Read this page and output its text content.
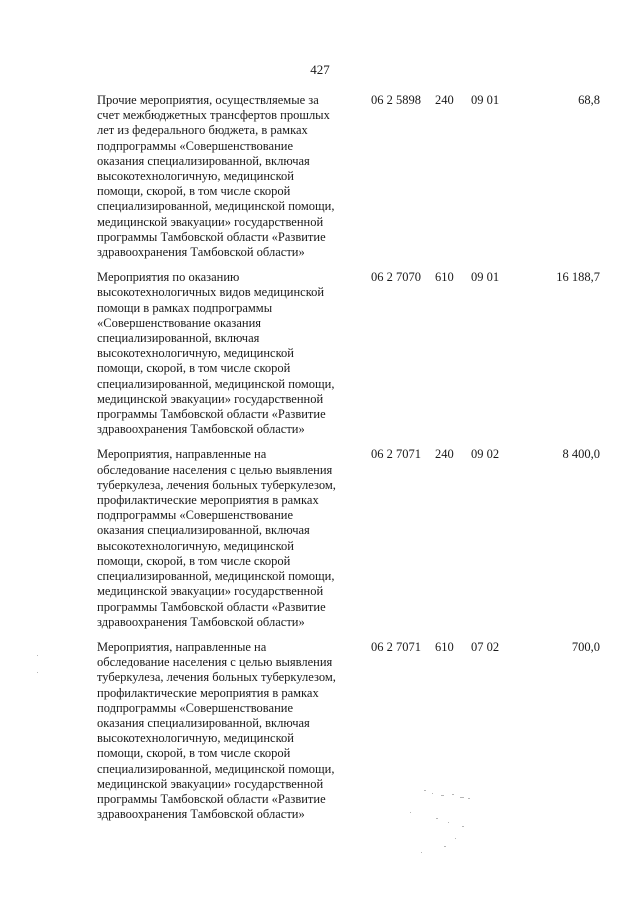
427
Прочие мероприятия, осуществляемые за
счет межбюджетных трансфертов прошлых
лет из федерального бюджета, в рамках
подпрограммы «Совершенствование
оказания специализированной, включая
высокотехнологичную, медицинской
помощи, скорой, в том числе скорой
специализированной, медицинской помощи,
медицинской эвакуации» государственной
программы Тамбовской области «Развитие
здравоохранения Тамбовской области»
06 2 5898	240	09 01	68,8
Мероприятия по оказанию
высокотехнологичных видов медицинской
помощи в рамках подпрограммы
«Совершенствование оказания
специализированной, включая
высокотехнологичную, медицинской
помощи, скорой, в том числе скорой
специализированной, медицинской помощи,
медицинской эвакуации» государственной
программы Тамбовской области «Развитие
здравоохранения Тамбовской области»
06 2 7070	610	09 01	16 188,7
Мероприятия, направленные на
обследование населения с целью выявления
туберкулеза, лечения больных туберкулезом,
профилактические мероприятия в рамках
подпрограммы «Совершенствование
оказания специализированной, включая
высокотехнологичную, медицинской
помощи, скорой, в том числе скорой
специализированной, медицинской помощи,
медицинской эвакуации» государственной
программы Тамбовской области «Развитие
здравоохранения Тамбовской области»
06 2 7071	240	09 02	8 400,0
Мероприятия, направленные на
обследование населения с целью выявления
туберкулеза, лечения больных туберкулезом,
профилактические мероприятия в рамках
подпрограммы «Совершенствование
оказания специализированной, включая
высокотехнологичную, медицинской
помощи, скорой, в том числе скорой
специализированной, медицинской помощи,
медицинской эвакуации» государственной
программы Тамбовской области «Развитие
здравоохранения Тамбовской области»
06 2 7071	610	07 02	700,0
